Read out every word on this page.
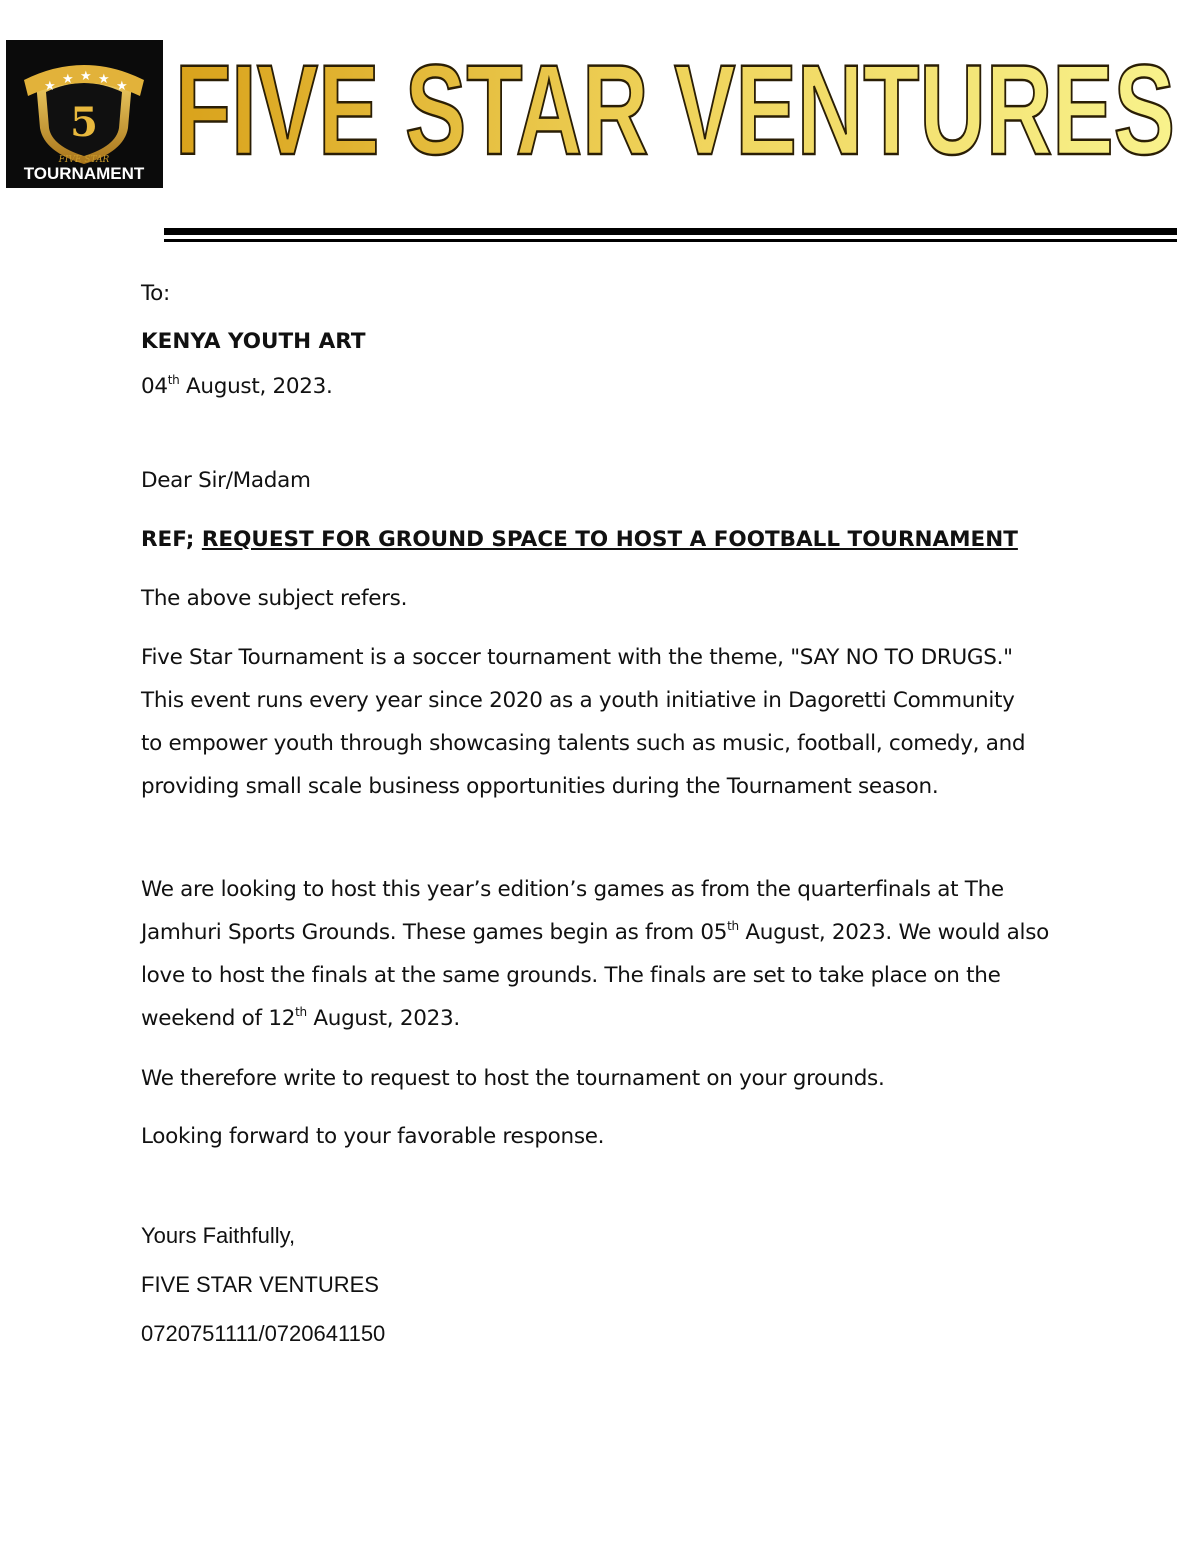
★ ★ ★ ★ ★
5
FIVE STAR
TOURNAMENT FIVE STAR VENTURES
To:
KENYA YOUTH ART
04th August, 2023.
Dear Sir/Madam
REF; REQUEST FOR GROUND SPACE TO HOST A FOOTBALL TOURNAMENT

The above subject refers.

Five Star Tournament is a soccer tournament with the theme, "SAY NO TO DRUGS." This event runs every year since 2020 as a youth initiative in Dagoretti Community to empower youth through showcasing talents such as music, football, comedy, and providing small scale business opportunities during the Tournament season.

We are looking to host this year’s edition’s games as from the quarterfinals at The Jamhuri Sports Grounds. These games begin as from 05th August, 2023. We would also love to host the finals at the same grounds. The finals are set to take place on the weekend of 12th August, 2023.

We therefore write to request to host the tournament on your grounds.

Looking forward to your favorable response.

Yours Faithfully,
FIVE STAR VENTURES
0720751111/0720641150
